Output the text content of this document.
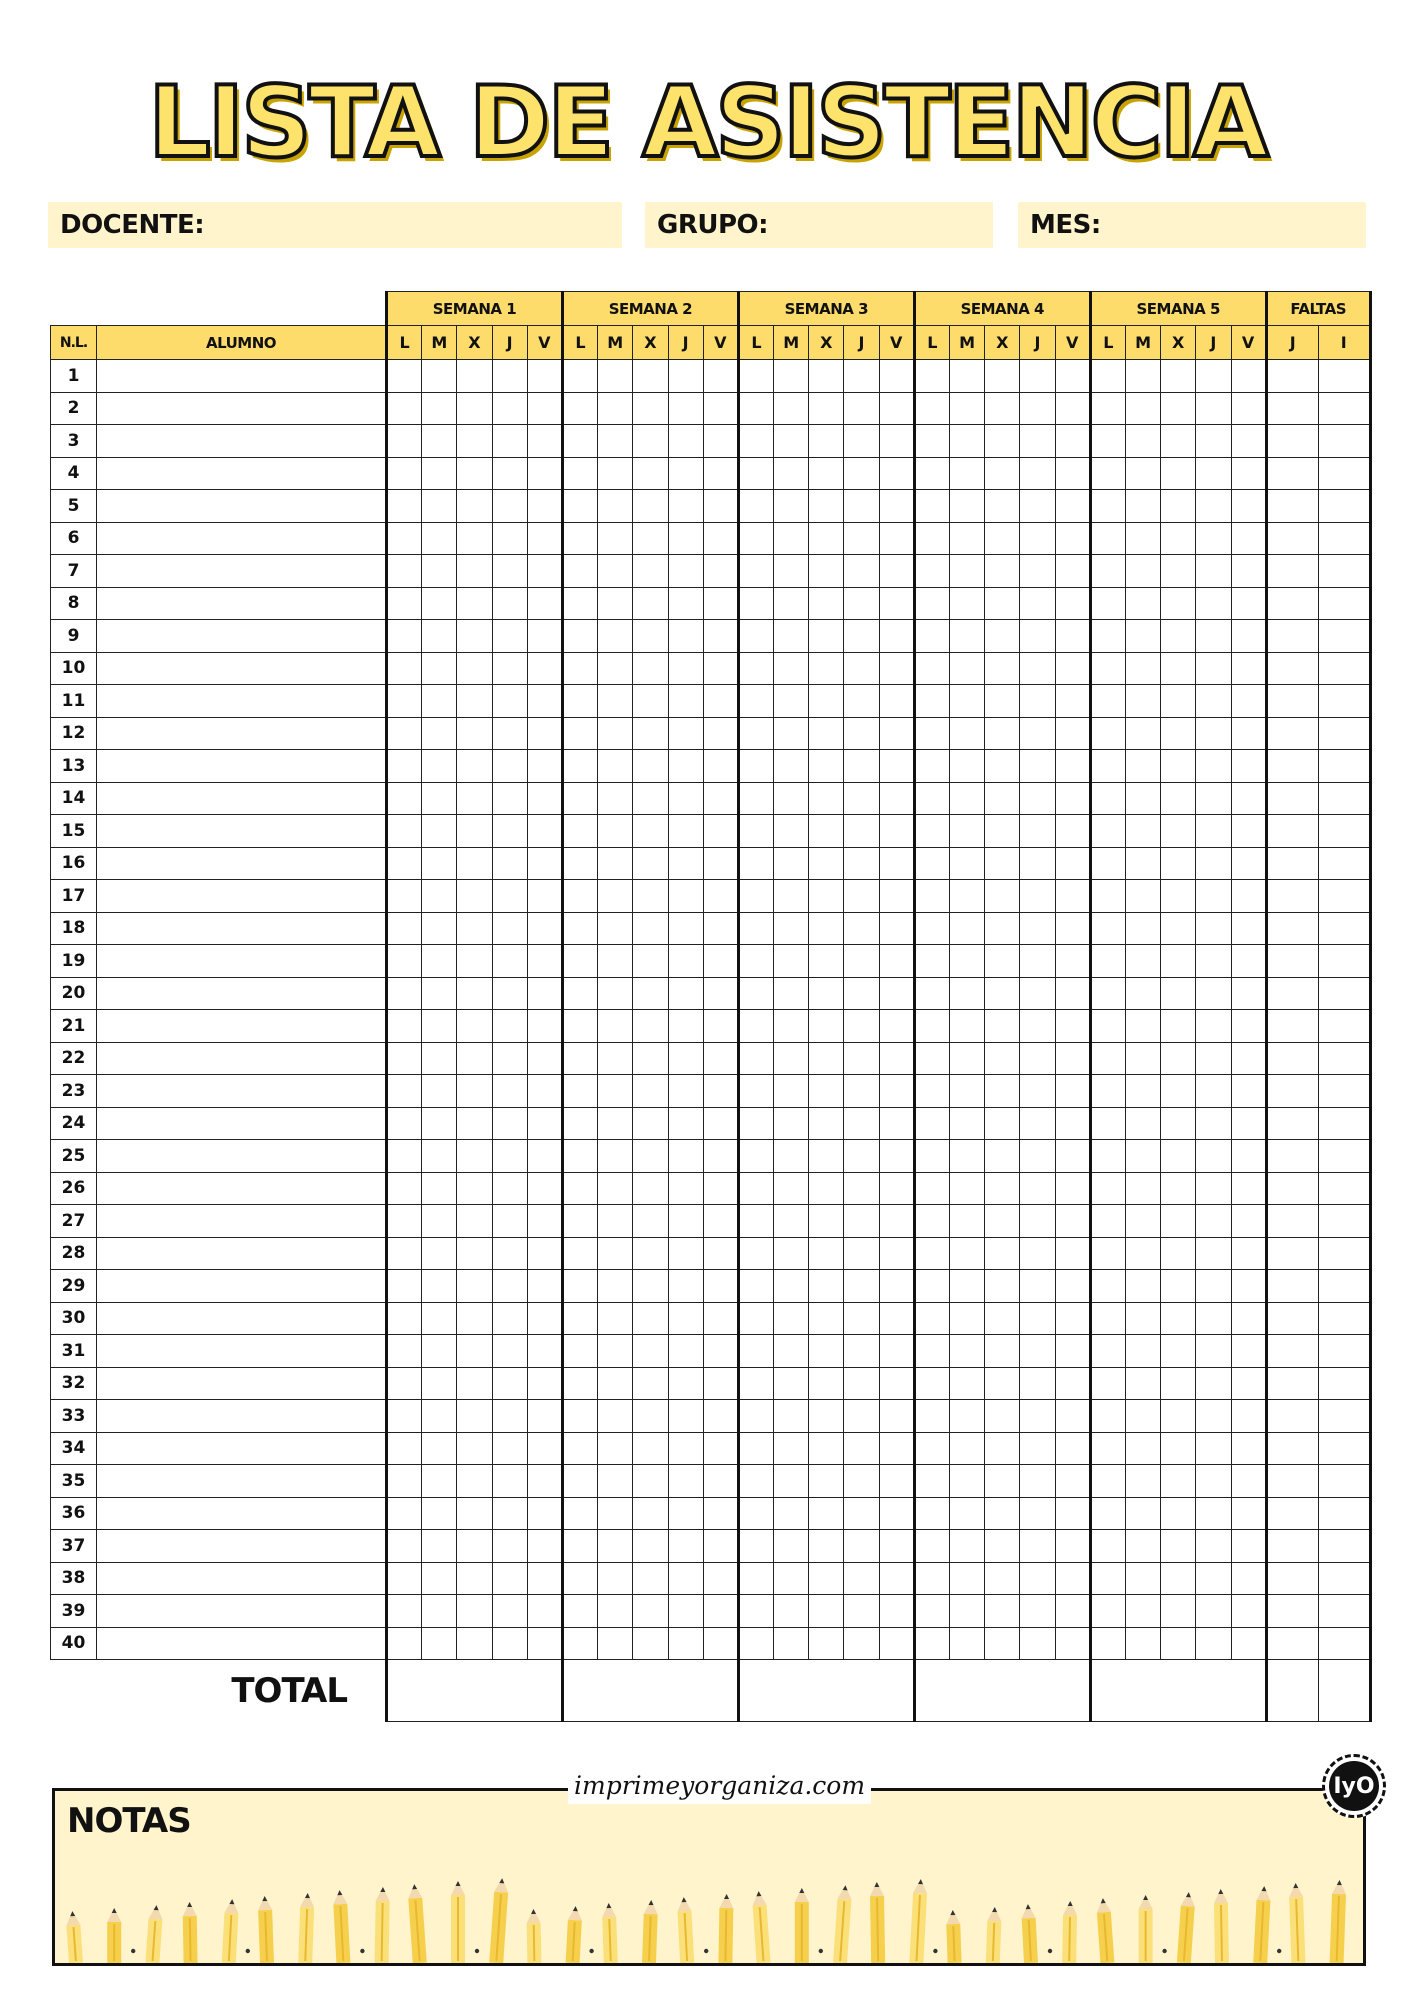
LISTA DE ASISTENCIA
DOCENTE:	GRUPO:	MES:
		SEMANA 1					SEMANA 2					SEMANA 3					SEMANA 4					SEMANA 5					FALTAS	
N.L.	ALUMNO	L	M	X	J	V	L	M	X	J	V	L	M	X	J	V	L	M	X	J	V	L	M	X	J	V	J	I
1																												
2																												
3																												
4																												
5																												
6																												
7																												
8																												
9																												
10																												
11																												
12																												
13																												
14																												
15																												
16																												
17																												
18																												
19																												
20																												
21																												
22																												
23																												
24																												
25																												
26																												
27																												
28																												
29																												
30																												
31																												
32																												
33																												
34																												
35																												
36																												
37																												
38																												
39																												
40																												
TOTAL																												
NOTAS
imprimeyorganiza.com	IyO
